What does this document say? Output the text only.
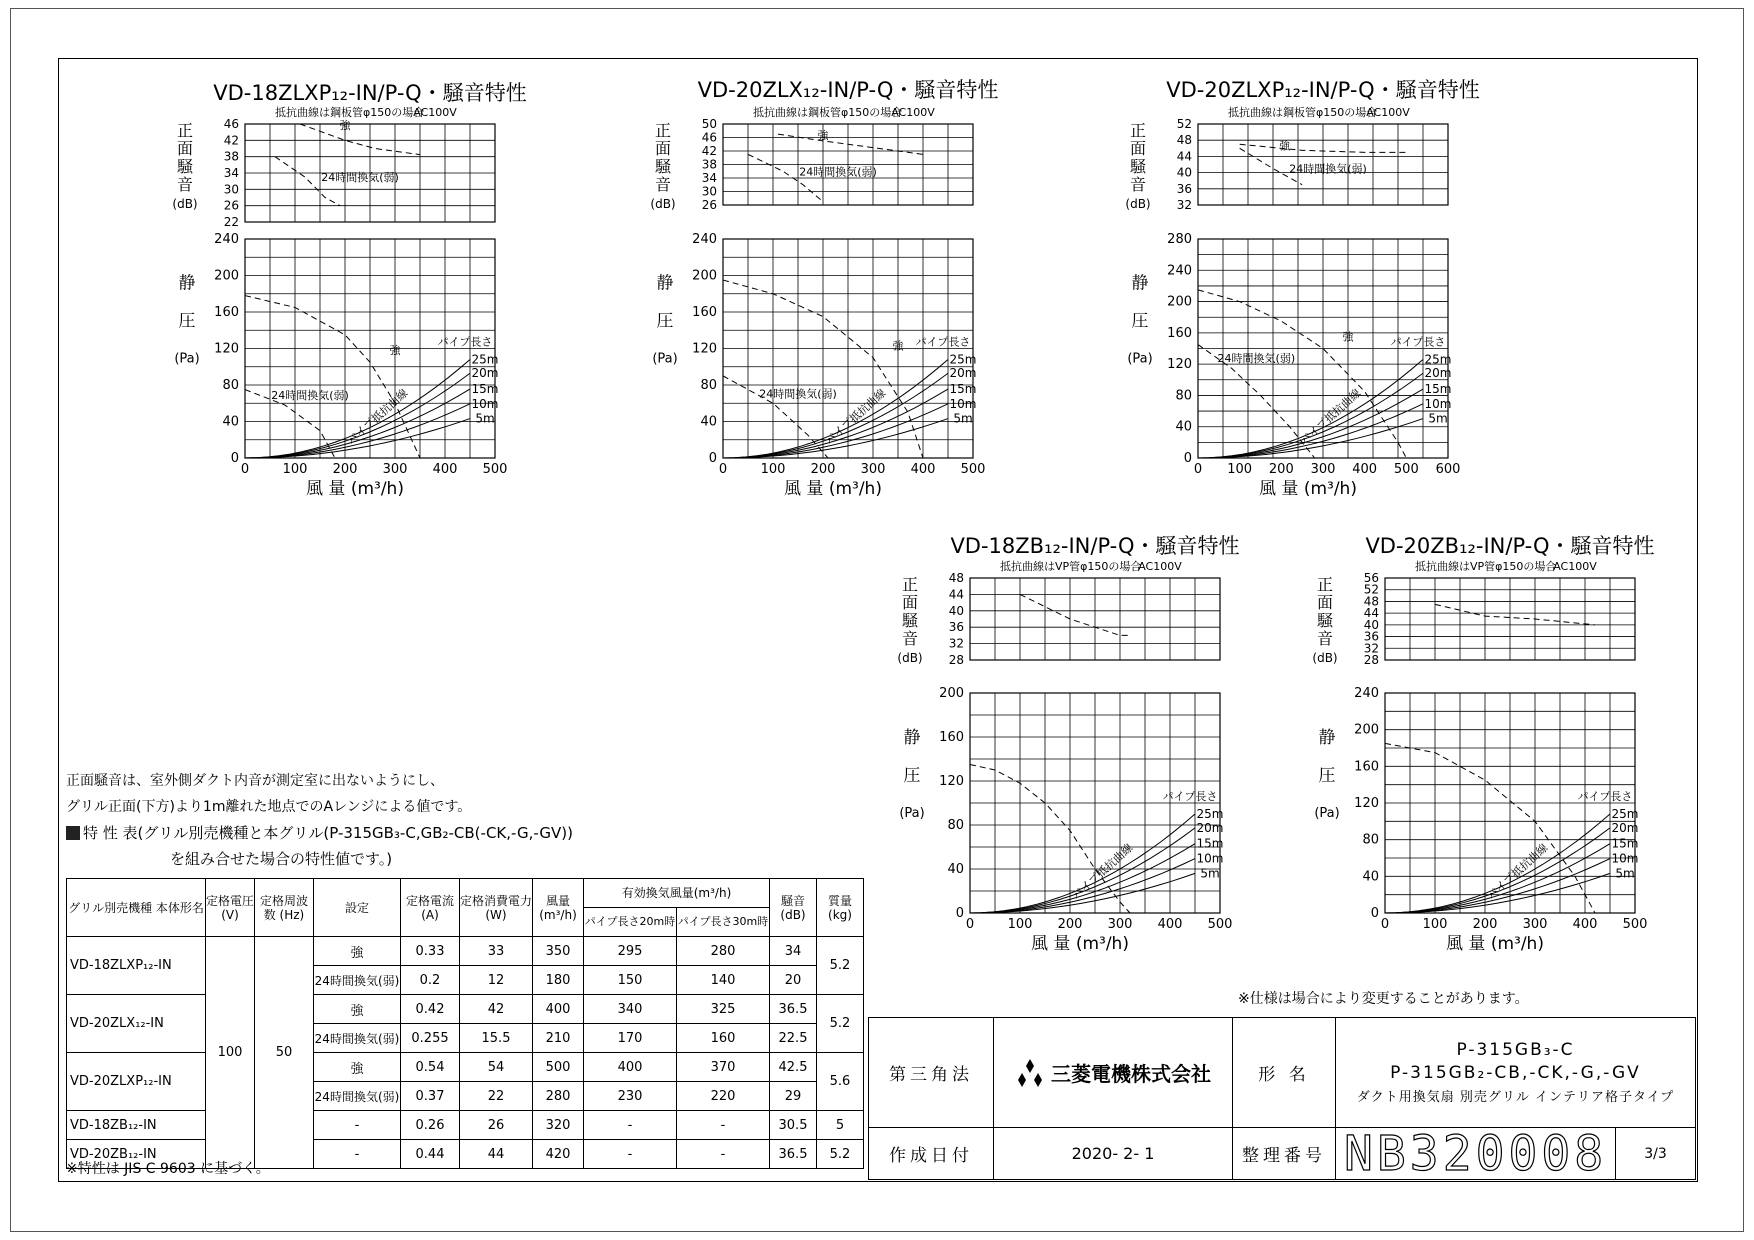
VD-18ZLXP₁₂-IN/P-Q・騒音特性
抵抗曲線は鋼板管φ150の場合
AC100V
22
26
30
34
38
42
46	強
24時間換気(弱)
正
面
騒
音
(dB)
0
40
80
120
160
200
240
0	100 200 300 400 500
強
24時間換気(弱)
25m
20m
15m
10m
5m
パイプ長さ
パイプ抵抗曲線
静
圧
(Pa)
風 量 (m³/h)
VD-20ZLX₁₂-IN/P-Q・騒音特性
抵抗曲線は鋼板管φ150の場合
AC100V
26
30
34
38
42
46
50
強
24時間換気(弱)
正
面
騒
音
(dB)
0
40
80
120
160
200
240
0	100 200 300 400 500
強
24時間換気(弱)
25m
20m
15m
10m
5m
パイプ長さ
パイプ抵抗曲線
静
圧
(Pa)
風 量 (m³/h)
VD-20ZLXP₁₂-IN/P-Q・騒音特性
抵抗曲線は鋼板管φ150の場合
AC100V
32
36
40
44
48
52
強
24時間換気(弱)
正
面
騒
音
(dB)
0
40
80
120
160
200
240
280
0 100 200 300 400 500 600
強
24時間換気(弱)	25m
20m
15m
10m
5m
パイプ長さ
パイプ抵抗曲線
静
圧
(Pa)
風 量 (m³/h)
VD-18ZB₁₂-IN/P-Q・騒音特性
抵抗曲線はVP管φ150の場合
AC100V
28
32
36
40
44
48
正
面
騒
音
(dB)
0
40
80
120
160
200
0	100 200 300 400 500
25m
20m
15m
10m
5m
パイプ長さ
パイプ抵抗曲線
静
圧
(Pa)
風 量 (m³/h)
VD-20ZB₁₂-IN/P-Q・騒音特性
抵抗曲線はVP管φ150の場合
AC100V
28
32
36
40
44
48
52
56
正
面
騒
音
(dB)
0
40
80
120
160
200
240
0	100 200 300 400 500
25m
20m
15m
10m
5m
パイプ長さ
パイプ抵抗曲線
静
圧
(Pa)
風 量 (m³/h)
正面騒音は、室外側ダクト内音が測定室に出ないようにし、
グリル正面(下方)より1m離れた地点でのAレンジによる値です。
特 性 表(グリル別売機種と本グリル(P-315GB₃-C,GB₂-CB(-CK,-G,-GV))
を組み合せた場合の特性値です。)
グリル別売機種 本体形名	定格電圧 (V)	定格周波数 (Hz)	設定	定格電流 (A)	定格消費電力 (W)	風量 (m³/h)	有効換気風量(m³/h)		騒音 (dB)	質量 (kg)
							パイプ長さ20m時	パイプ長さ30m時		
VD-18ZLXP₁₂-IN	100	50	強	0.33	33	350	295	280	34	5.2
			24時間換気(弱)	0.2	12	180	150	140	20	
VD-20ZLX₁₂-IN			強	0.42	42	400	340	325	36.5	5.2
			24時間換気(弱)	0.255	15.5	210	170	160	22.5	
VD-20ZLXP₁₂-IN			強	0.54	54	500	400	370	42.5	5.6
			24時間換気(弱)	0.37	22	280	230	220	29	
VD-18ZB₁₂-IN			-	0.26	26	320	-	-	30.5	5
VD-20ZB₁₂-IN			-	0.44	44	420	-	-	36.5	5.2
※特性は JIS C 9603 に基づく。
※仕様は場合により変更することがあります。
第三角法	三菱電機株式会社	形 名
P-315GB₃-C
P-315GB₂-CB,-CK,-G,-GV
ダクト用換気扇 別売グリル インテリア格子タイプ
作成日付	2020- 2- 1	整理番号 NB320008	3/3
